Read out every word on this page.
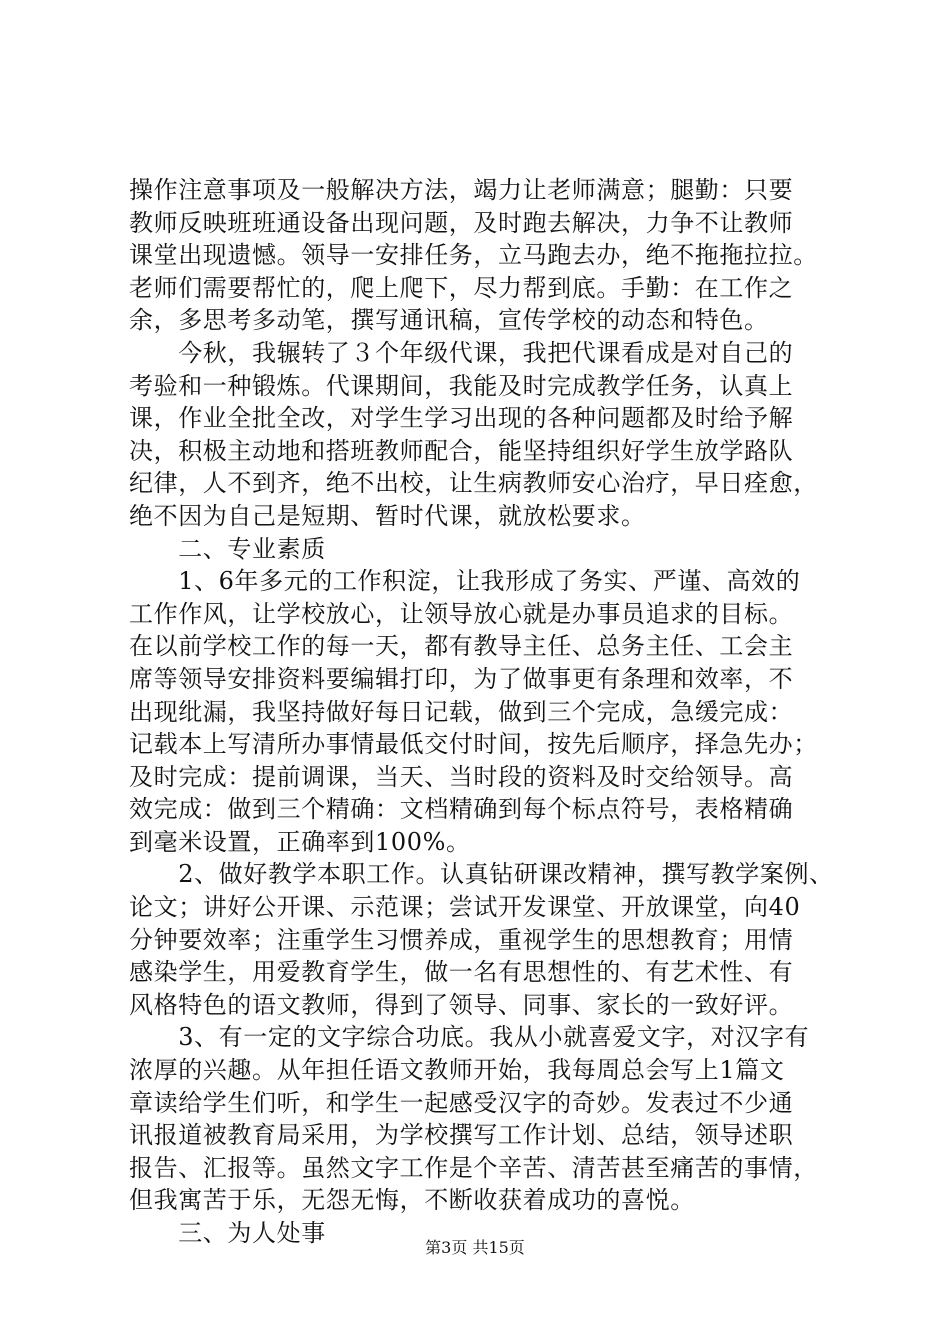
操作注意事项及一般解决方法，竭力让老师满意；腿勤：只要
教师反映班班通设备出现问题，及时跑去解决，力争不让教师
课堂出现遗憾。领导一安排任务，立马跑去办，绝不拖拖拉拉。
老师们需要帮忙的，爬上爬下，尽力帮到底。手勤：在工作之
余，多思考多动笔，撰写通讯稿，宣传学校的动态和特色。
　　今秋，我辗转了３个年级代课，我把代课看成是对自己的
考验和一种锻炼。代课期间，我能及时完成教学任务，认真上
课，作业全批全改，对学生学习出现的各种问题都及时给予解
决，积极主动地和搭班教师配合，能坚持组织好学生放学路队
纪律，人不到齐，绝不出校，让生病教师安心治疗，早日痊愈，
绝不因为自己是短期、暂时代课，就放松要求。
　　二、专业素质
　　1、6年多元的工作积淀，让我形成了务实、严谨、高效的
工作作风，让学校放心，让领导放心就是办事员追求的目标。
在以前学校工作的每一天，都有教导主任、总务主任、工会主
席等领导安排资料要编辑打印，为了做事更有条理和效率，不
出现纰漏，我坚持做好每日记载，做到三个完成，急缓完成：
记载本上写清所办事情最低交付时间，按先后顺序，择急先办；
及时完成：提前调课，当天、当时段的资料及时交给领导。高
效完成：做到三个精确：文档精确到每个标点符号，表格精确
到毫米设置，正确率到100%。
　　2、做好教学本职工作。认真钻研课改精神，撰写教学案例、
论文；讲好公开课、示范课；尝试开发课堂、开放课堂，向40
分钟要效率；注重学生习惯养成，重视学生的思想教育；用情
感染学生，用爱教育学生，做一名有思想性的、有艺术性、有
风格特色的语文教师，得到了领导、同事、家长的一致好评。
　　3、有一定的文字综合功底。我从小就喜爱文字，对汉字有
浓厚的兴趣。从年担任语文教师开始，我每周总会写上1篇文
章读给学生们听，和学生一起感受汉字的奇妙。发表过不少通
讯报道被教育局采用，为学校撰写工作计划、总结，领导述职
报告、汇报等。虽然文字工作是个辛苦、清苦甚至痛苦的事情，
但我寓苦于乐，无怨无悔，不断收获着成功的喜悦。
　　三、为人处事
第3页 共15页
